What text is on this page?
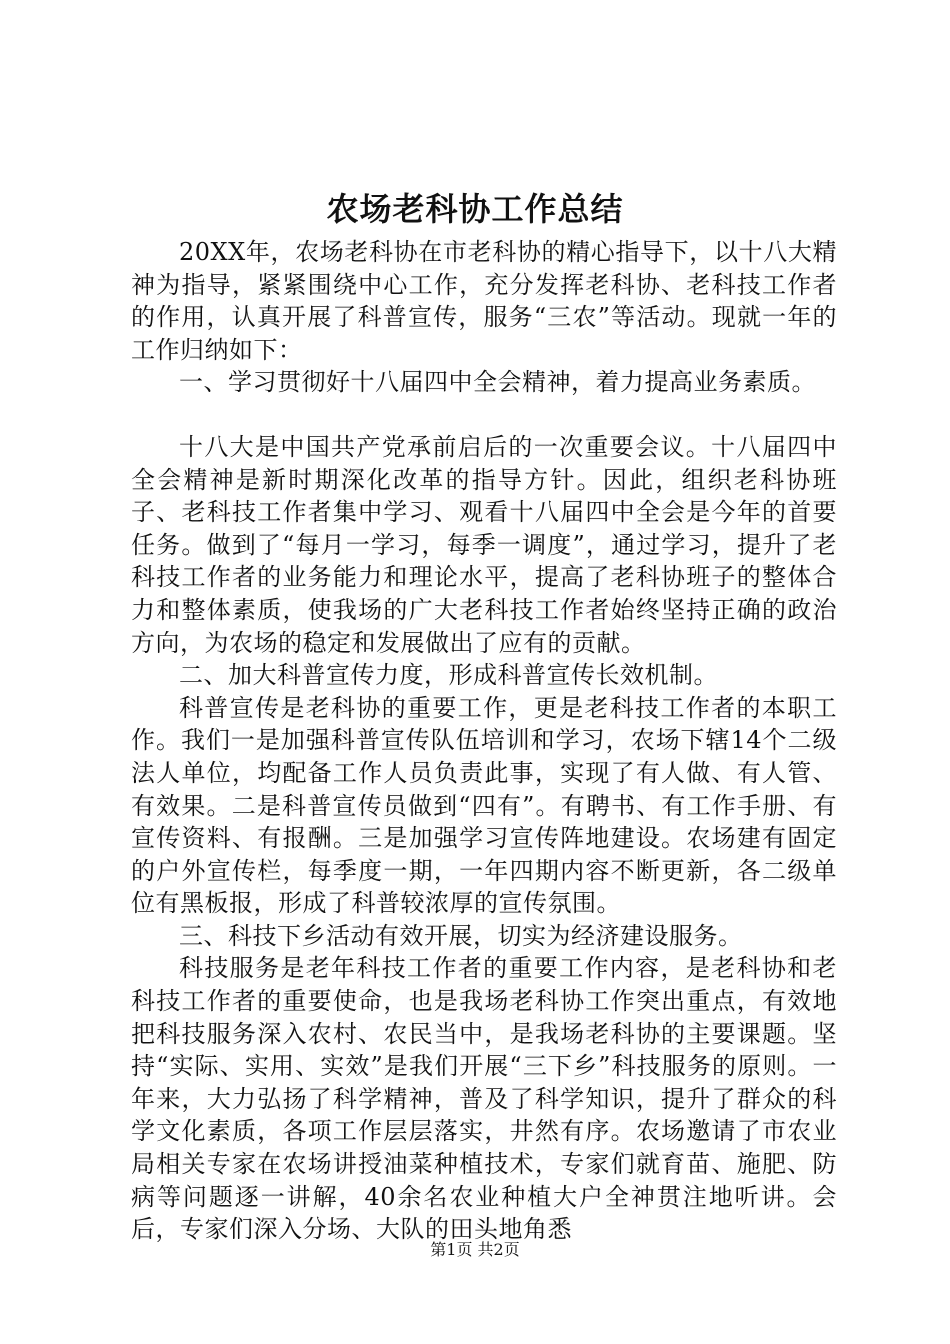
农场老科协工作总结

20XX年，农场老科协在市老科协的精心指导下，以十八大精神为指导，紧紧围绕中心工作，充分发挥老科协、老科技工作者的作用，认真开展了科普宣传，服务“三农”等活动。现就一年的工作归纳如下：

一、学习贯彻好十八届四中全会精神，着力提高业务素质。

十八大是中国共产党承前启后的一次重要会议。十八届四中全会精神是新时期深化改革的指导方针。因此，组织老科协班子、老科技工作者集中学习、观看十八届四中全会是今年的首要任务。做到了“每月一学习，每季一调度”，通过学习，提升了老科技工作者的业务能力和理论水平，提高了老科协班子的整体合力和整体素质，使我场的广大老科技工作者始终坚持正确的政治方向，为农场的稳定和发展做出了应有的贡献。

二、加大科普宣传力度，形成科普宣传长效机制。

科普宣传是老科协的重要工作，更是老科技工作者的本职工作。我们一是加强科普宣传队伍培训和学习，农场下辖14个二级法人单位，均配备工作人员负责此事，实现了有人做、有人管、有效果。二是科普宣传员做到“四有”。有聘书、有工作手册、有宣传资料、有报酬。三是加强学习宣传阵地建设。农场建有固定的户外宣传栏，每季度一期，一年四期内容不断更新，各二级单位有黑板报，形成了科普较浓厚的宣传氛围。

三、科技下乡活动有效开展，切实为经济建设服务。

科技服务是老年科技工作者的重要工作内容，是老科协和老科技工作者的重要使命，也是我场老科协工作突出重点，有效地把科技服务深入农村、农民当中，是我场老科协的主要课题。坚持“实际、实用、实效”是我们开展“三下乡”科技服务的原则。一年来，大力弘扬了科学精神，普及了科学知识，提升了群众的科学文化素质，各项工作层层落实，井然有序。农场邀请了市农业局相关专家在农场讲授油菜种植技术，专家们就育苗、施肥、防病等问题逐一讲解，40余名农业种植大户全神贯注地听讲。会后，专家们深入分场、大队的田头地角悉

第1页 共2页
